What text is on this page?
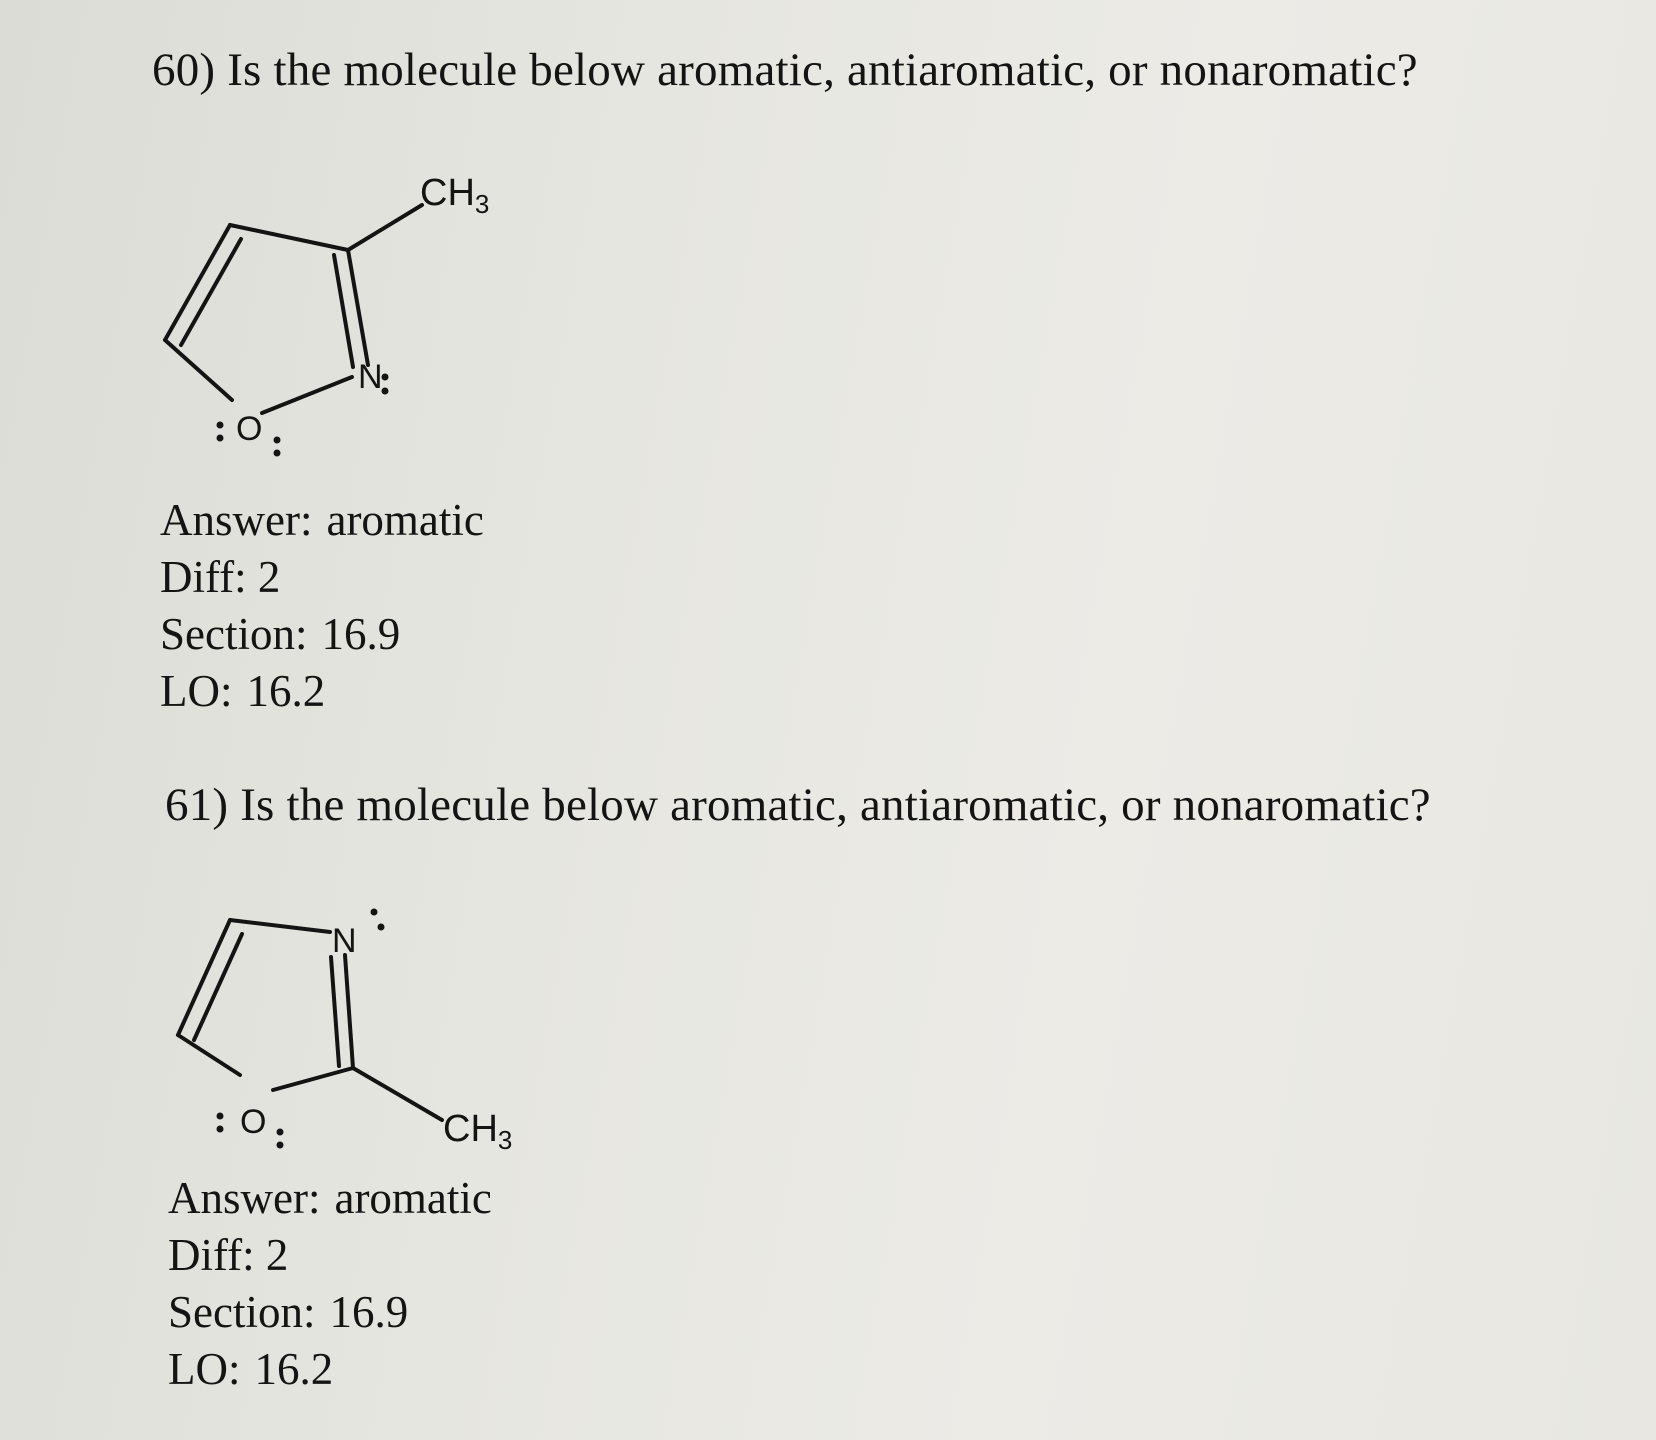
60) Is the molecule below aromatic, antiaromatic, or nonaromatic?
N
O
$CH_3$
Answer: aromatic
Diff: 2
Section: 16.9
LO: 16.2
61) Is the molecule below aromatic, antiaromatic, or nonaromatic?
N
O	$CH_3$
Answer: aromatic
Diff: 2
Section: 16.9
LO: 16.2
